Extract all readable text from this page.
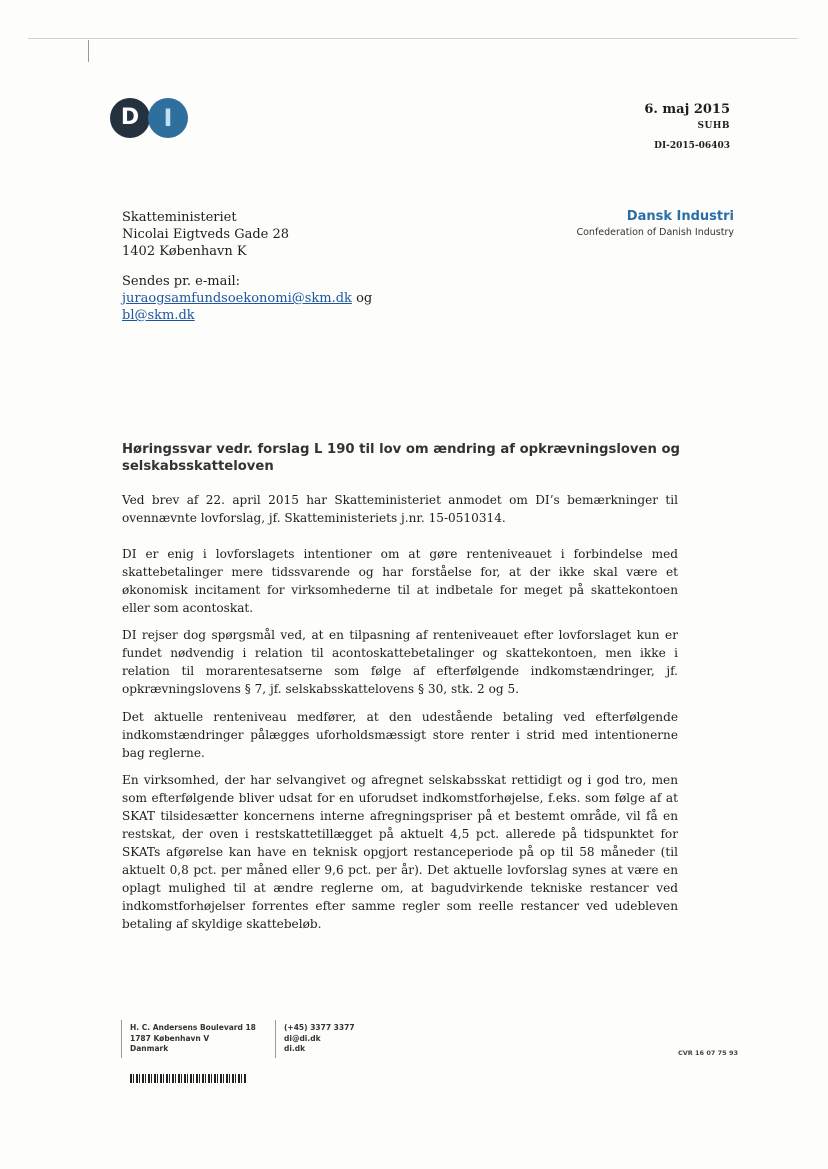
D	I	6. maj 2015
SUHB
DI-2015-06403
Skatteministeriet
Nicolai Eigtveds Gade 28
1402 København K
Dansk Industri
Confederation of Danish Industry
Sendes pr. e-mail:
juraogsamfundsoekonomi@skm.dk og
bl@skm.dk
Høringssvar vedr. forslag L 190 til lov om ændring af opkrævningsloven og selskabsskatteloven
Ved brev af 22. april 2015 har Skatteministeriet anmodet om DI’s bemærkninger til ovennævnte lovforslag, jf. Skatteministeriets j.nr. 15-0510314.
DI er enig i lovforslagets intentioner om at gøre renteniveauet i forbindelse med skattebetalinger mere tidssvarende og har forståelse for, at der ikke skal være et økonomisk incitament for virksomhederne til at indbetale for meget på skattekontoen eller som acontoskat.
DI rejser dog spørgsmål ved, at en tilpasning af renteniveauet efter lovforslaget kun er fundet nødvendig i relation til acontoskattebetalinger og skattekontoen, men ikke i relation til morarentesatserne som følge af efterfølgende indkomstændringer, jf. opkrævningslovens § 7, jf. selskabsskattelovens § 30, stk. 2 og 5.
Det aktuelle renteniveau medfører, at den udestående betaling ved efterfølgende indkomstændringer pålægges uforholdsmæssigt store renter i strid med intentionerne bag reglerne.
En virksomhed, der har selvangivet og afregnet selskabsskat rettidigt og i god tro, men som efterfølgende bliver udsat for en uforudset indkomstforhøjelse, f.eks. som følge af at SKAT tilsidesætter koncernens interne afregningspriser på et bestemt område, vil få en restskat, der oven i restskattetillægget på aktuelt 4,5 pct. allerede på tidspunktet for SKATs afgørelse kan have en teknisk opgjort restanceperiode på op til 58 måneder (til aktuelt 0,8 pct. per måned eller 9,6 pct. per år). Det aktuelle lovforslag synes at være en oplagt mulighed til at ændre reglerne om, at bagudvirkende tekniske restancer ved indkomstforhøjelser forrentes efter samme regler som reelle restancer ved udebleven betaling af skyldige skattebeløb.
H. C. Andersens Boulevard 18
1787 København V
Danmark
(+45) 3377 3377
di@di.dk
di.dk	CVR 16 07 75 93
